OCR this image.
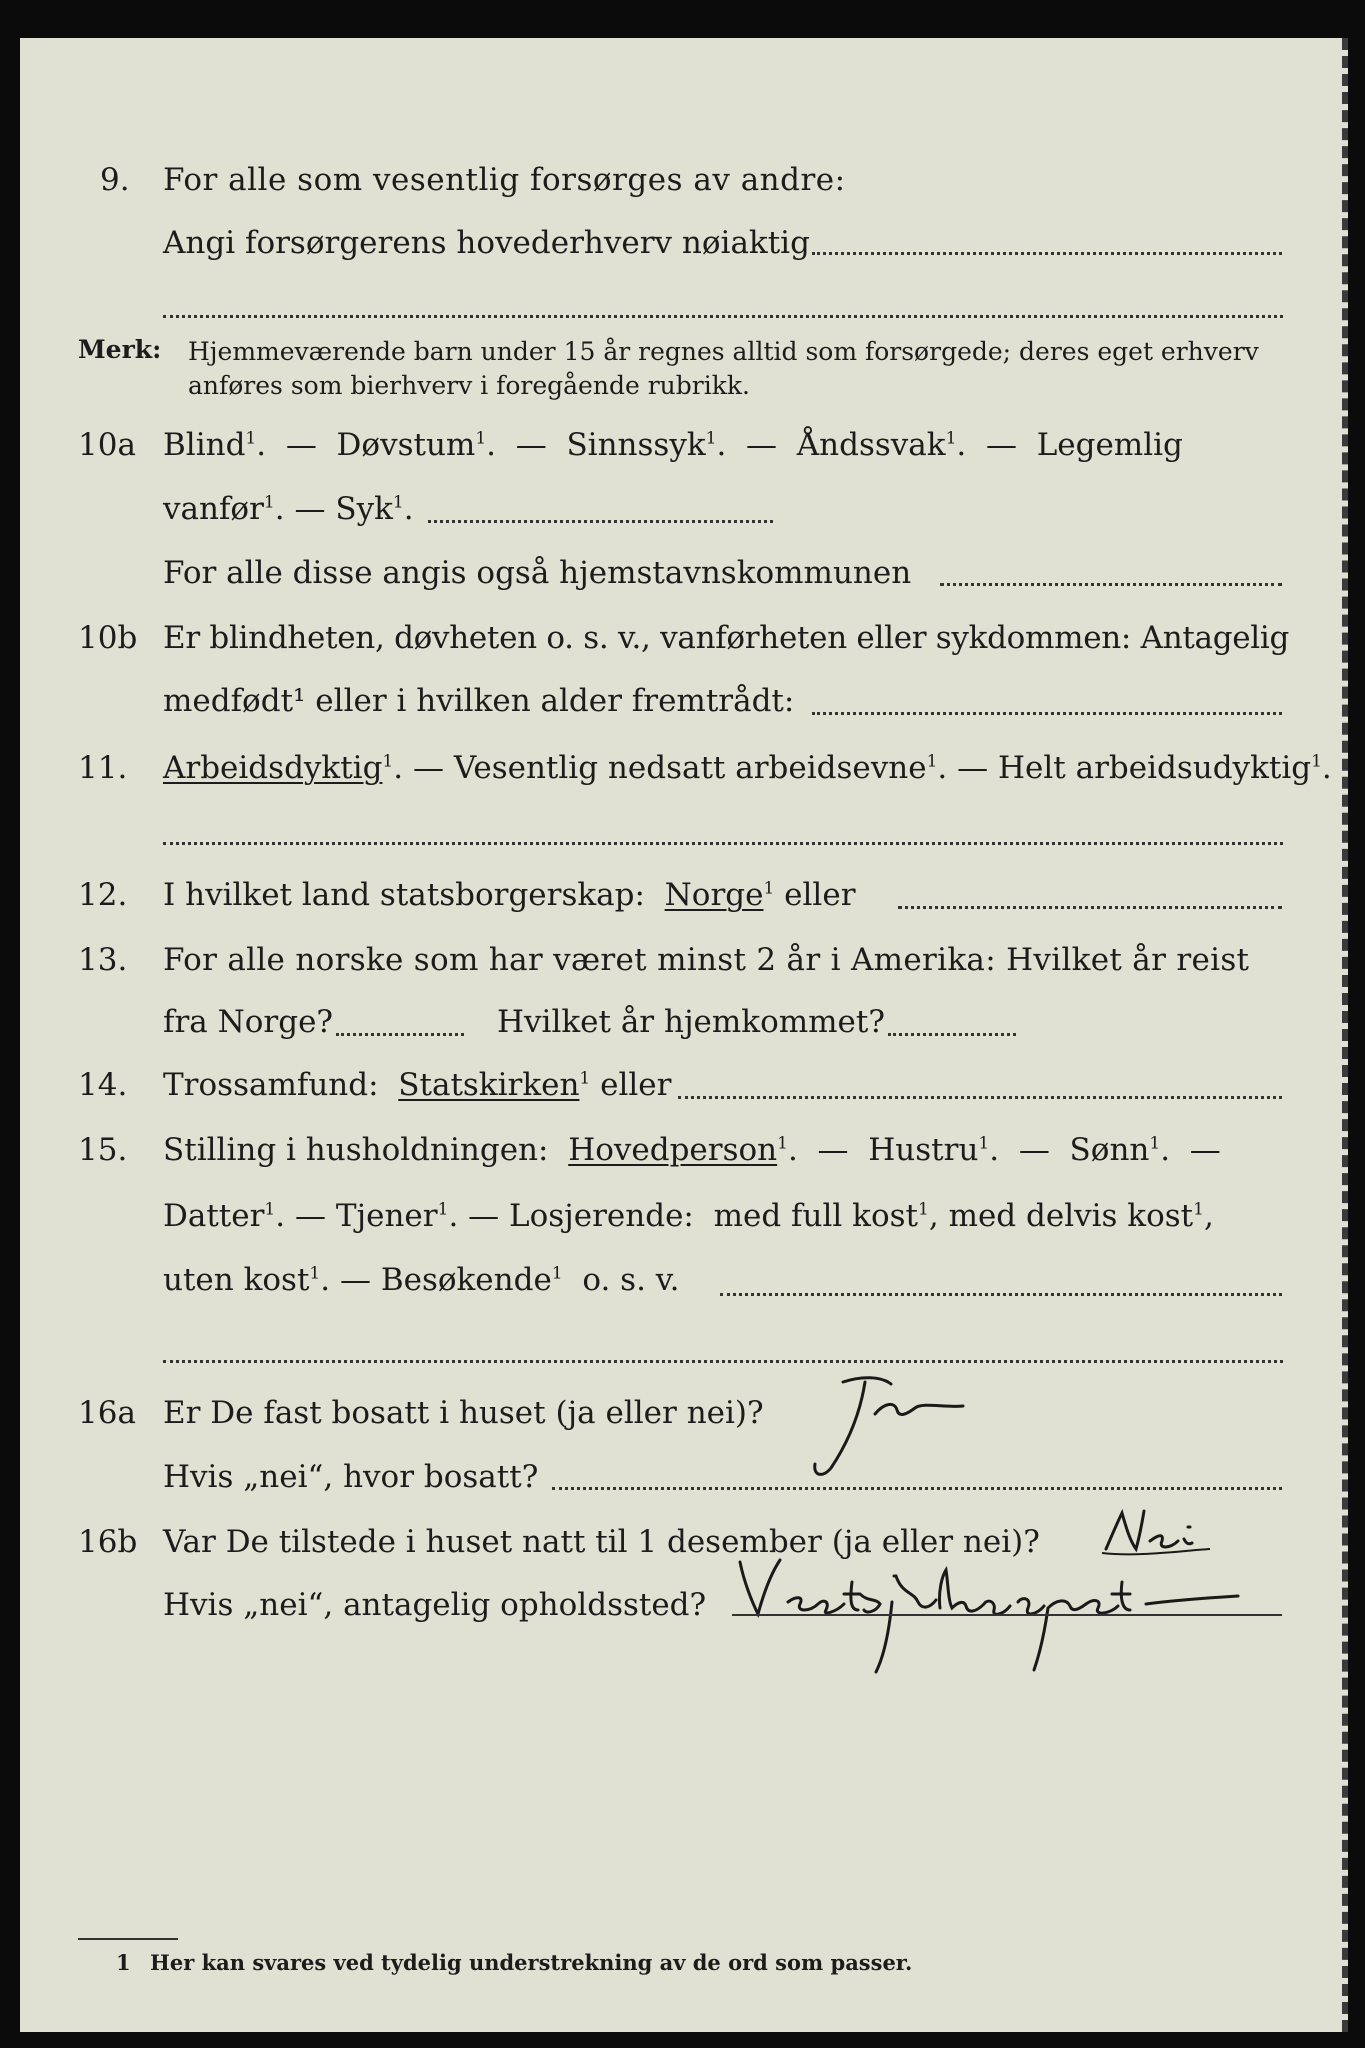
9. For alle som vesentlig forsørges av andre:
Angi forsørgerens hovederhverv nøiaktig
Merk: Hjemmeværende barn under 15 år regnes alltid som forsørgede; deres eget erhverv
anføres som bierhverv i foregående rubrikk.
10a Blind$^1$.  —  Døvstum$^1$.  —  Sinnssyk$^1$.  —  Åndssvak$^1$.  —  Legemlig
vanfør$^1$. — Syk$^1$.
For alle disse angis også hjemstavnskommunen
10b Er blindheten, døvheten o. s. v., vanførheten eller sykdommen: Antagelig
medfødt¹ eller i hvilken alder fremtrådt:
11. Arbeidsdyktig$^1$. — Vesentlig nedsatt arbeidsevne$^1$. — Helt arbeidsudyktig$^1$.
12. I hvilket land statsborgerskap: Norge$^1$ eller
13. For alle norske som har været minst 2 år i Amerika: Hvilket år reist
fra Norge?	Hvilket år hjemkommet?
14. Trossamfund: Statskirken$^1$ eller
15. Stilling i husholdningen: Hovedperson$^1$.  —  Hustru$^1$.  —  Sønn$^1$.  —
Datter$^1$. — Tjener$^1$. — Losjerende: med full kost$^1$, med delvis kost$^1$,
uten kost$^1$. — Besøkende$^1$ o. s. v.
16a Er De fast bosatt i huset (ja eller nei)?
Hvis „nei“, hvor bosatt?
16b Var De tilstede i huset natt til 1 desember (ja eller nei)?
Hvis „nei“, antagelig opholdssted?
1 Her kan svares ved tydelig understrekning av de ord som passer.
